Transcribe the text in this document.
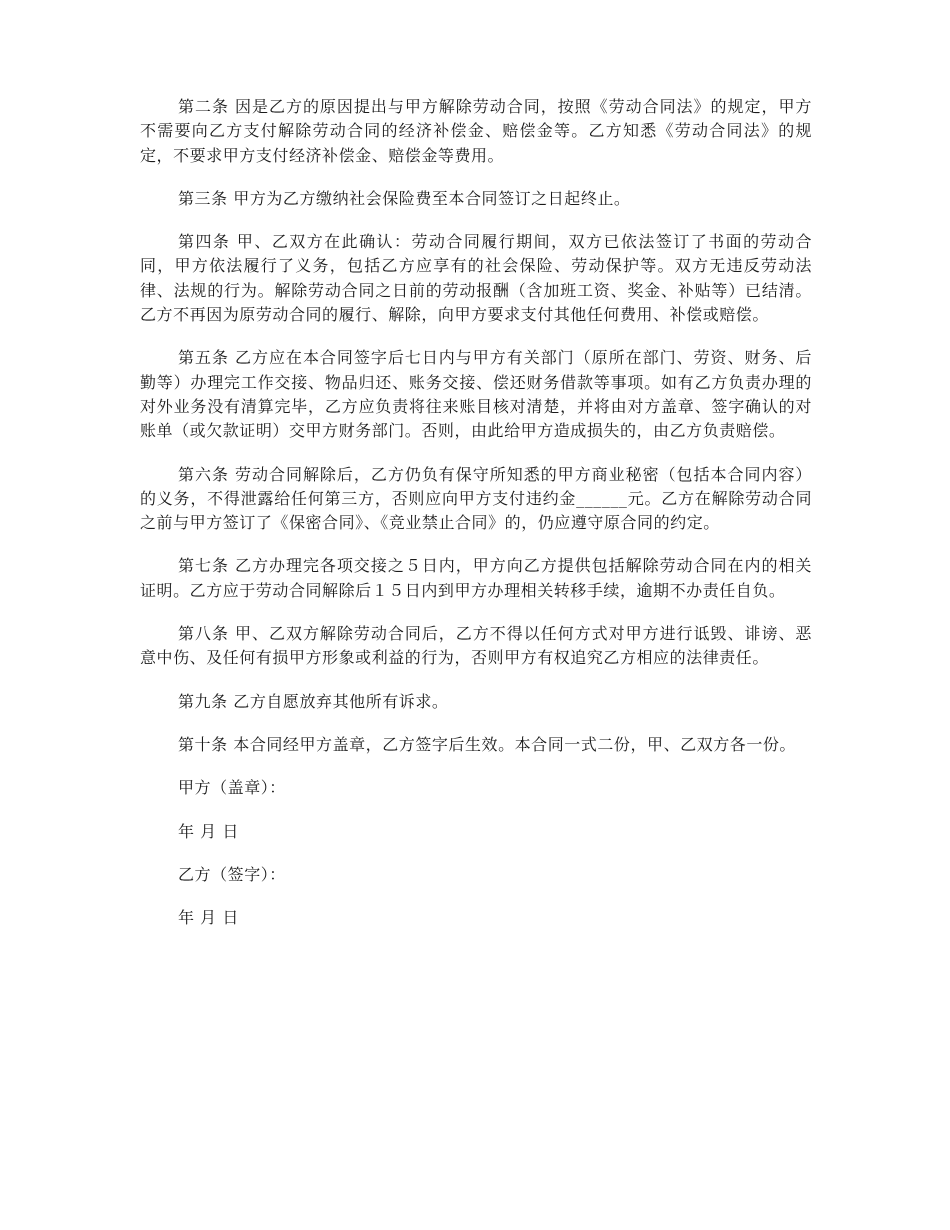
第二条 因是乙方的原因提出与甲方解除劳动合同，按照《劳动合同法》的规定，甲方不需要向乙方支付解除劳动合同的经济补偿金、赔偿金等。乙方知悉《劳动合同法》的规定，不要求甲方支付经济补偿金、赔偿金等费用。

第三条 甲方为乙方缴纳社会保险费至本合同签订之日起终止。

第四条 甲、乙双方在此确认：劳动合同履行期间，双方已依法签订了书面的劳动合同，甲方依法履行了义务，包括乙方应享有的社会保险、劳动保护等。双方无违反劳动法律、法规的行为。解除劳动合同之日前的劳动报酬（含加班工资、奖金、补贴等）已结清。乙方不再因为原劳动合同的履行、解除，向甲方要求支付其他任何费用、补偿或赔偿。

第五条 乙方应在本合同签字后七日内与甲方有关部门（原所在部门、劳资、财务、后勤等）办理完工作交接、物品归还、账务交接、偿还财务借款等事项。如有乙方负责办理的对外业务没有清算完毕，乙方应负责将往来账目核对清楚，并将由对方盖章、签字确认的对账单（或欠款证明）交甲方财务部门。否则，由此给甲方造成损失的，由乙方负责赔偿。

第六条 劳动合同解除后，乙方仍负有保守所知悉的甲方商业秘密（包括本合同内容）的义务，不得泄露给任何第三方，否则应向甲方支付违约金______元。乙方在解除劳动合同之前与甲方签订了《保密合同》、《竞业禁止合同》的，仍应遵守原合同的约定。

第七条 乙方办理完各项交接之５日内，甲方向乙方提供包括解除劳动合同在内的相关证明。乙方应于劳动合同解除后１５日内到甲方办理相关转移手续，逾期不办责任自负。

第八条 甲、乙双方解除劳动合同后，乙方不得以任何方式对甲方进行诋毁、诽谤、恶意中伤、及任何有损甲方形象或利益的行为，否则甲方有权追究乙方相应的法律责任。

第九条 乙方自愿放弃其他所有诉求。

第十条 本合同经甲方盖章，乙方签字后生效。本合同一式二份，甲、乙双方各一份。

甲方（盖章）：

年 月 日

乙方（签字）：

年 月 日
